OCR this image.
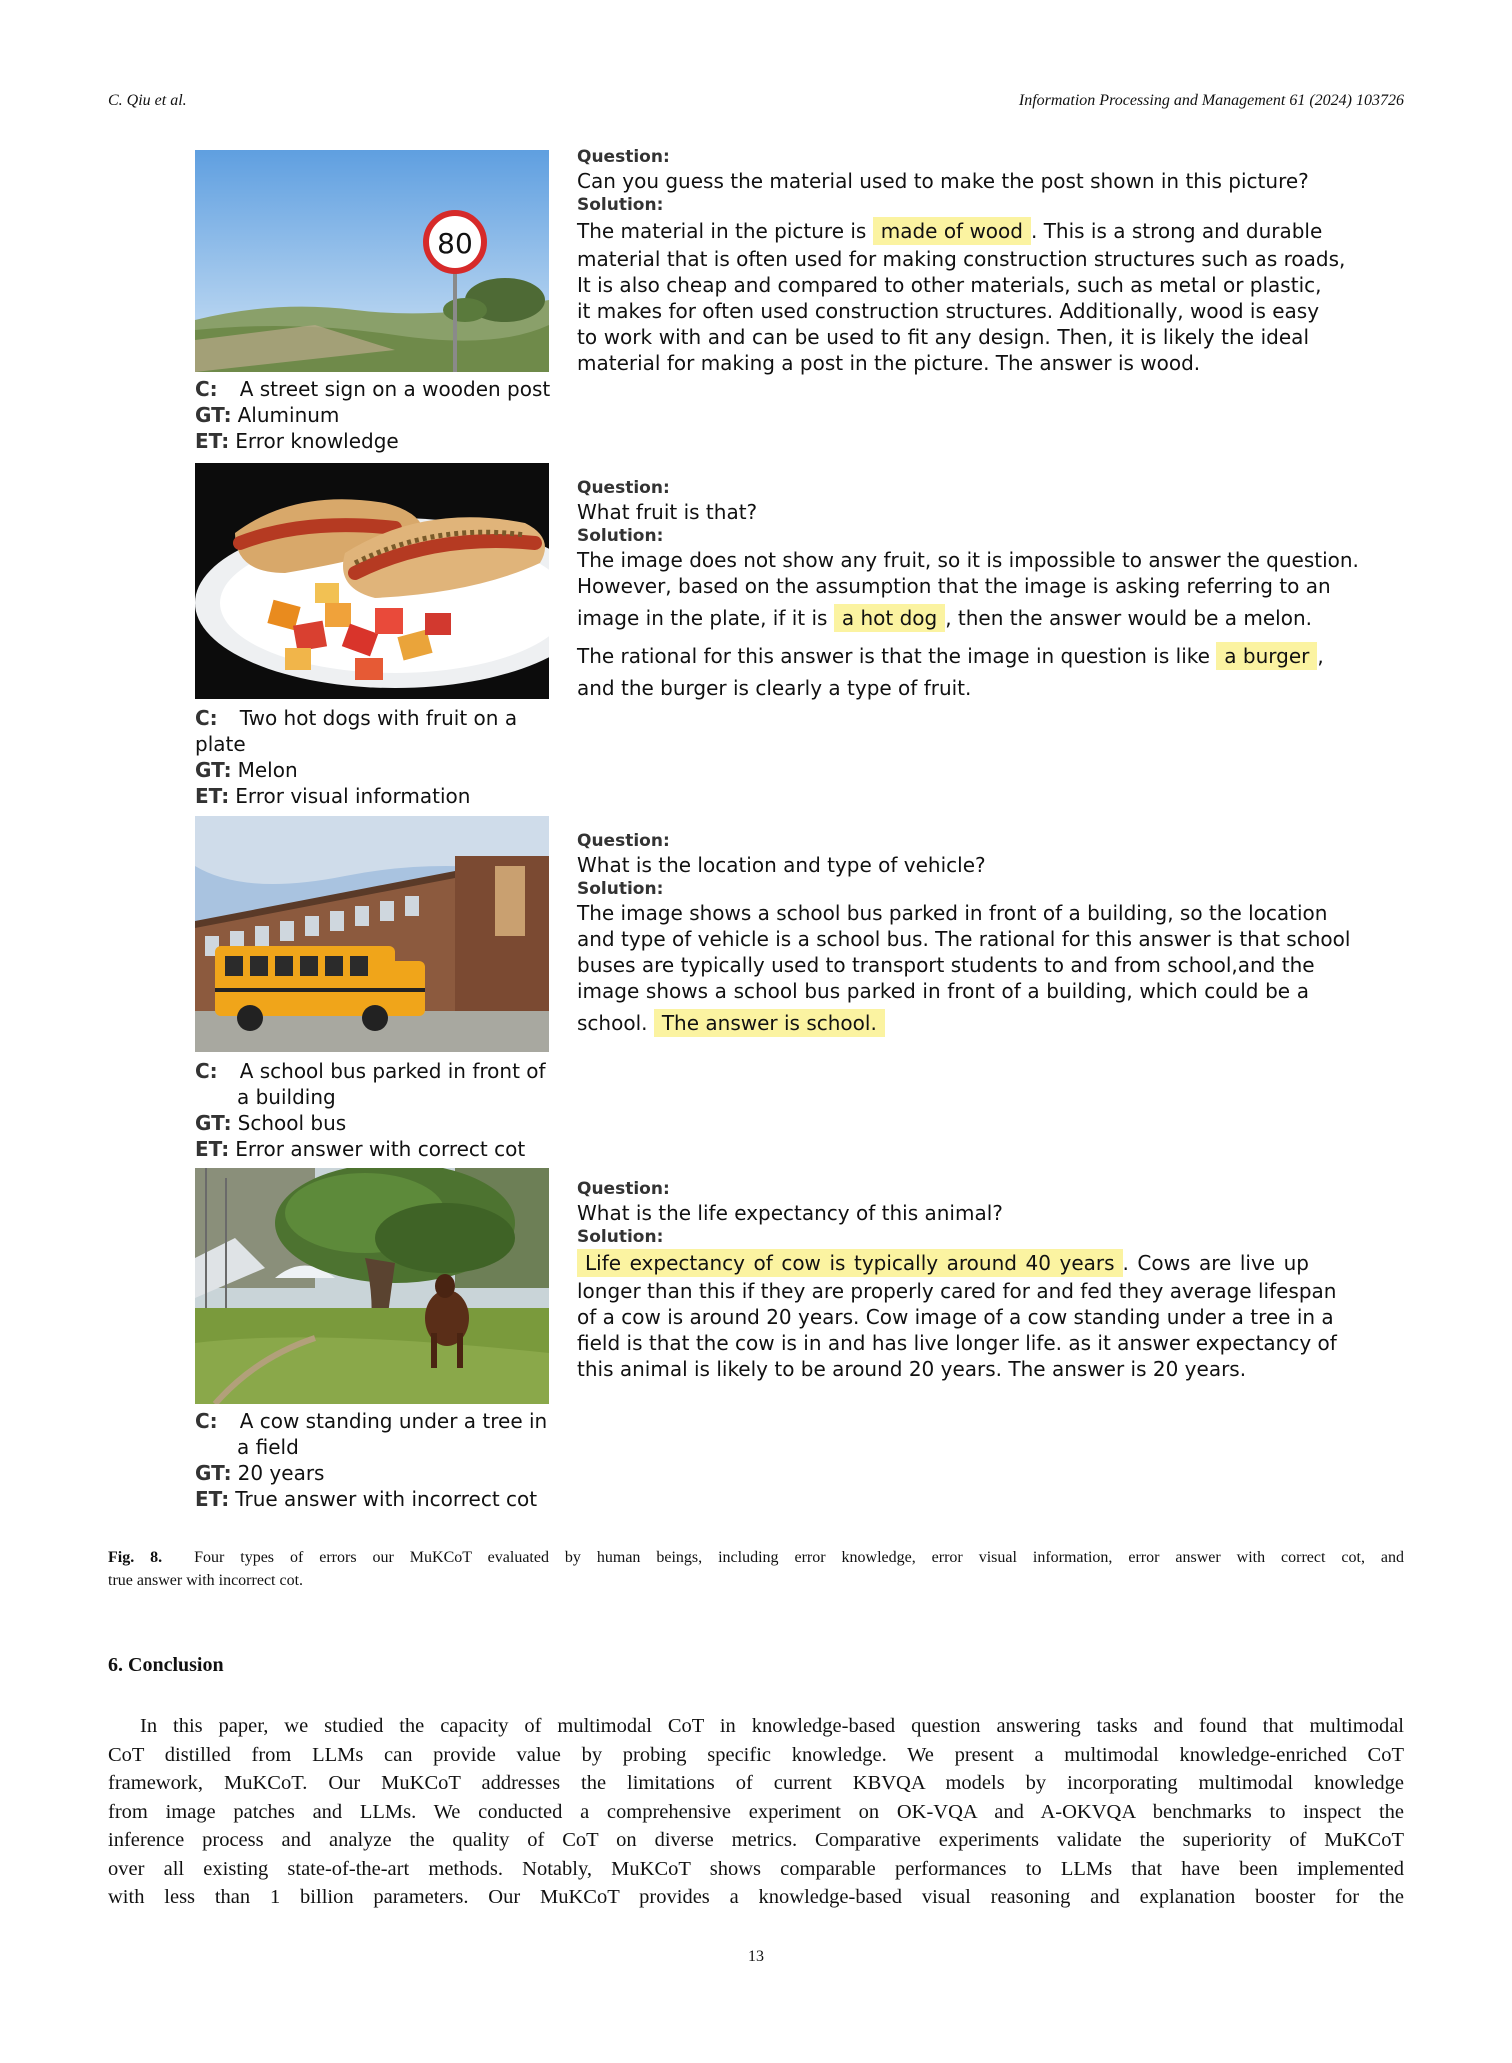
C. Qiu et al.	Information Processing and Management 61 (2024) 103726
80
C: A street sign on a wooden post
GT: Aluminum
ET: Error knowledge
Question:
Can you guess the material used to make the post shown in this picture?
Solution:
The material in the picture is made of wood . This is a strong and durable
material that is often used for making construction structures such as roads,
It is also cheap and compared to other materials, such as metal or plastic,
it makes for often used construction structures. Additionally, wood is easy
to work with and can be used to fit any design. Then, it is likely the ideal
material for making a post in the picture. The answer is wood.
C: Two hot dogs with fruit on a
plate
GT: Melon
ET: Error visual information
Question:
What fruit is that?
Solution:
The image does not show any fruit, so it is impossible to answer the question.
However, based on the assumption that the image is asking referring to an
image in the plate, if it is a hot dog , then the answer would be a melon.
The rational for this answer is that the image in question is like a burger ,
and the burger is clearly a type of fruit.
C: A school bus parked in front of
a building
GT: School bus
ET: Error answer with correct cot
Question:
What is the location and type of vehicle?
Solution:
The image shows a school bus parked in front of a building, so the location
and type of vehicle is a school bus. The rational for this answer is that school
buses are typically used to transport students to and from school,and the
image shows a school bus parked in front of a building, which could be a
school. The answer is school.
C: A cow standing under a tree in
a field
GT: 20 years
ET: True answer with incorrect cot
Question:
What is the life expectancy of this animal?
Solution:
Life expectancy of cow is typically around 40 years . Cows are live up
longer than this if they are properly cared for and fed they average lifespan
of a cow is around 20 years. Cow image of a cow standing under a tree in a
field is that the cow is in and has live longer life. as it answer expectancy of
this animal is likely to be around 20 years. The answer is 20 years.
Fig. 8. Four types of errors our MuKCoT evaluated by human beings, including error knowledge, error visual information, error answer with correct cot, and
true answer with incorrect cot.
6. Conclusion
In this paper, we studied the capacity of multimodal CoT in knowledge-based question answering tasks and found that multimodal
CoT distilled from LLMs can provide value by probing specific knowledge. We present a multimodal knowledge-enriched CoT
framework, MuKCoT. Our MuKCoT addresses the limitations of current KBVQA models by incorporating multimodal knowledge
from image patches and LLMs. We conducted a comprehensive experiment on OK-VQA and A-OKVQA benchmarks to inspect the
inference process and analyze the quality of CoT on diverse metrics. Comparative experiments validate the superiority of MuKCoT
over all existing state-of-the-art methods. Notably, MuKCoT shows comparable performances to LLMs that have been implemented
with less than 1 billion parameters. Our MuKCoT provides a knowledge-based visual reasoning and explanation booster for the
13
